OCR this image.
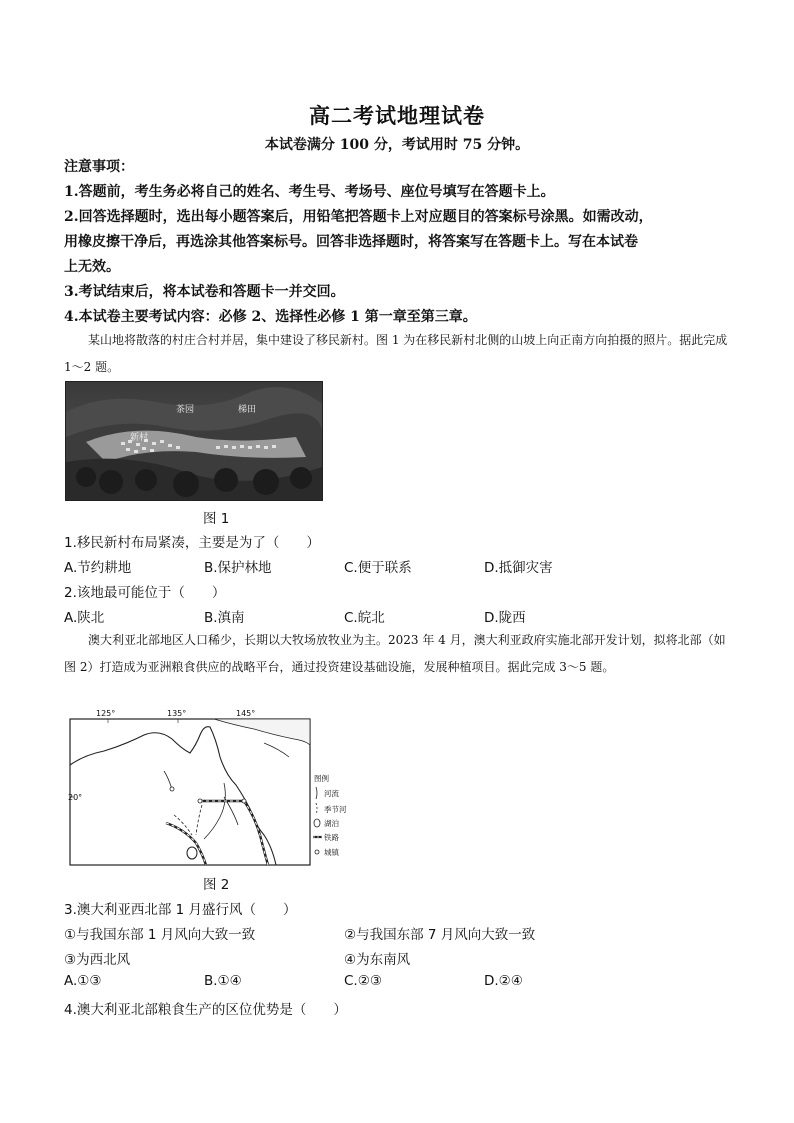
高二考试地理试卷
本试卷满分 100 分，考试用时 75 分钟。
注意事项：
1.答题前，考生务必将自己的姓名、考生号、考场号、座位号填写在答题卡上。
2.回答选择题时，选出每小题答案后，用铅笔把答题卡上对应题目的答案标号涂黑。如需改动，
用橡皮擦干净后，再选涂其他答案标号。回答非选择题时，将答案写在答题卡上。写在本试卷
上无效。
3.考试结束后，将本试卷和答题卡一并交回。
4.本试卷主要考试内容：必修 2、选择性必修 1 第一章至第三章。
某山地将散落的村庄合村并居，集中建设了移民新村。图 1 为在移民新村北侧的山坡上向正南方向拍摄的照片。据此完成 1～2 题。
茶园	梯田
新村
图 1
1.移民新村布局紧凑，主要是为了（　　）
A.节约耕地	B.保护林地	C.便于联系	D.抵御灾害
2.该地最可能位于（　　）
A.陕北	B.滇南	C.皖北	D.陇西
澳大利亚北部地区人口稀少，长期以大牧场放牧业为主。2023 年 4 月，澳大利亚政府实施北部开发计划，拟将北部（如图 2）打造成为亚洲粮食供应的战略平台，通过投资建设基础设施，发展种植项目。据此完成 3～5 题。
125°	135°	145°
20°
图例
河流
季节河
湖泊
铁路
城镇
图 2
3.澳大利亚西北部 1 月盛行风（　　）
①与我国东部 1 月风向大致一致	②与我国东部 7 月风向大致一致
③为西北风	④为东南风
A.①③	B.①④	C.②③	D.②④
4.澳大利亚北部粮食生产的区位优势是（　　）
